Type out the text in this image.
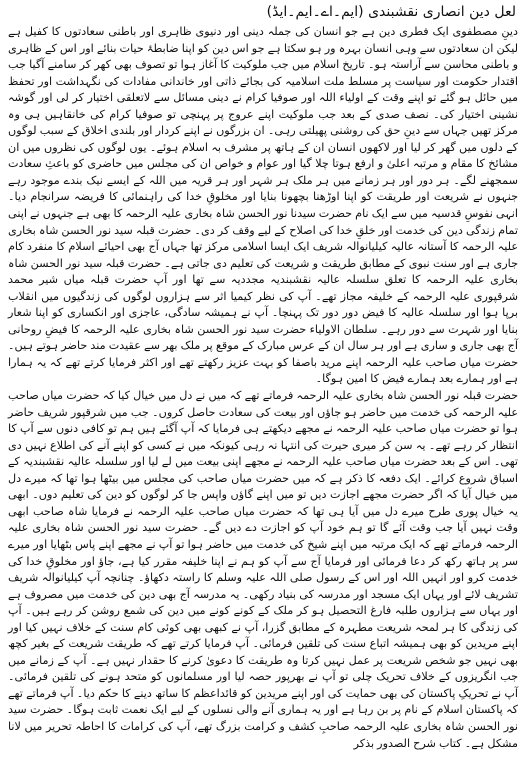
لعل دین انصاری نقشبندی (ایم۔اے۔ایم۔ایڈ)

دینِ مصطفوی ایک فطری دین ہے جو انسان کی جملہ دینی اور دنیوی ظاہری اور باطنی سعادتوں کا کفیل ہے لیکن ان سعادتوں سے وہی انسان بہرہ ور ہو سکتا ہے جو اس دین کو اپنا ضابطۂ حیات بنائے اور اس کے ظاہری و باطنی محاسن سے آراستہ ہو۔ تاریخ اسلام میں جب ملوکیت کا آغاز ہوا تو تصوف بھی کھر کر سامنے آگیا جب اقتدار حکومت اور سیاست پر مسلط ملت اسلامیہ کی بجائے ذاتی اور خاندانی مفادات کی نگہداشت اور تحفظ میں حائل ہو گئے تو اپنے وقت کے اولیاء اللہ اور صوفیا کرام نے دینی مسائل سے لاتعلقی اختیار کر لی اور گوشہ نشینی اختیار کی۔ نصف صدی کے بعد جب ملوکیت اپنے عروج پر پہنچی تو صوفیا کرام کی خانقاہیں ہی وہ مرکز تھیں جہاں سے دینِ حق کی روشنی پھیلتی رہی۔ ان بزرگوں نے اپنے کردار اور بلندی اخلاق کے سبب لوگوں کے دلوں میں گھر کر لیا اور لاکھوں انسان ان کے ہاتھ پر مشرف بہ اسلام ہوئے۔ یوں لوگوں کی نظروں میں ان مشائخ کا مقام و مرتبہ اعلیٰ و ارفع ہوتا چلا گیا اور عوام و خواص ان کی مجلس میں حاضری کو باعثِ سعادت سمجھنے لگے۔ ہر دور اور ہر زمانے میں ہر ملک ہر شہر اور ہر قریہ میں اللہ کے ایسے نیک بندے موجود رہے جنہوں نے شریعت اور طریقت کو اپنا اوڑھنا بچھونا بنایا اور مخلوقِ خدا کی راہنمائی کا فریضہ سرانجام دیا۔ انہی نفوسِ قدسیہ میں سے ایک نام حضرت سیدنا نور الحسن شاہ بخاری علیہ الرحمہ کا بھی ہے جنہوں نے اپنی تمام زندگی دین کی خدمت اور خلقِ خدا کی اصلاح کے لیے وقف کر دی۔ حضرت قبلہ سید نور الحسن شاہ بخاری علیہ الرحمہ کا آستانہ عالیہ کیلیانوالہ شریف ایک ایسا اسلامی مرکز تھا جہاں آج بھی احیائے اسلام کا منفرد کام جاری ہے اور سنت نبوی کے مطابق طریقت و شریعت کی تعلیم دی جاتی ہے۔ حضرت قبلہ سید نور الحسن شاہ بخاری علیہ الرحمہ کا تعلق سلسلہ عالیہ نقشبندیہ مجددیہ سے تھا اور آپ حضرت قبلہ میاں شیر محمد شرقپوری علیہ الرحمہ کے خلیفہ مجاز تھے۔ آپ کی نظر کیمیا اثر سے ہزاروں لوگوں کی زندگیوں میں انقلاب برپا ہوا اور سلسلہ عالیہ کا فیض دور دور تک پہنچا۔ آپ نے ہمیشہ سادگی، عاجزی اور انکساری کو اپنا شعار بنایا اور شہرت سے دور رہے۔ سلطان الاولیاء حضرت سید نور الحسن شاہ بخاری علیہ الرحمہ کا فیضِ روحانی آج بھی جاری و ساری ہے اور ہر سال ان کے عرس مبارک کے موقع پر ملک بھر سے عقیدت مند حاضر ہوتے ہیں۔ حضرت میاں صاحب علیہ الرحمہ اپنے مرید باصفا کو بہت عزیز رکھتے تھے اور اکثر فرمایا کرتے تھے کہ یہ ہمارا ہے اور ہمارے بعد ہمارے فیض کا امین ہوگا۔

حضرت قبلہ نور الحسن شاہ بخاری علیہ الرحمہ فرماتے تھے کہ میں نے دل میں خیال کیا کہ حضرت میاں صاحب علیہ الرحمہ کی خدمت میں حاضر ہو جاؤں اور بیعت کی سعادت حاصل کروں۔ جب میں شرقپور شریف حاضر ہوا تو حضرت میاں صاحب علیہ الرحمہ نے مجھے دیکھتے ہی فرمایا کہ آپ آگئے ہیں ہم تو کافی دنوں سے آپ کا انتظار کر رہے تھے۔ یہ سن کر میری حیرت کی انتہا نہ رہی کیونکہ میں نے کسی کو اپنے آنے کی اطلاع نہیں دی تھی۔ اس کے بعد حضرت میاں صاحب علیہ الرحمہ نے مجھے اپنی بیعت میں لے لیا اور سلسلہ عالیہ نقشبندیہ کے اسباق شروع کرائے۔ ایک دفعہ کا ذکر ہے کہ میں حضرت میاں صاحب کی مجلس میں بیٹھا ہوا تھا کہ میرے دل میں خیال آیا کہ اگر حضرت مجھے اجازت دیں تو میں اپنے گاؤں واپس جا کر لوگوں کو دین کی تعلیم دوں۔ ابھی یہ خیال پوری طرح میرے دل میں آیا ہی تھا کہ حضرت میاں صاحب علیہ الرحمہ نے فرمایا شاہ صاحب ابھی وقت نہیں آیا جب وقت آئے گا تو ہم خود آپ کو اجازت دے دیں گے۔ حضرت سید نور الحسن شاہ بخاری علیہ الرحمہ فرماتے تھے کہ ایک مرتبہ میں اپنے شیخ کی خدمت میں حاضر ہوا تو آپ نے مجھے اپنے پاس بٹھایا اور میرے سر پر ہاتھ رکھ کر دعا فرمائی اور فرمایا آج سے آپ کو ہم نے اپنا خلیفہ مقرر کیا ہے، جاؤ اور مخلوقِ خدا کی خدمت کرو اور انہیں اللہ اور اس کے رسول صلی اللہ علیہ وسلم کا راستہ دکھاؤ۔ چنانچہ آپ کیلیانوالہ شریف تشریف لائے اور یہاں ایک مسجد اور مدرسہ کی بنیاد رکھی۔ یہ مدرسہ آج بھی دین کی خدمت میں مصروف ہے اور یہاں سے ہزاروں طلبہ فارغ التحصیل ہو کر ملک کے کونے کونے میں دین کی شمع روشن کر رہے ہیں۔ آپ کی زندگی کا ہر لمحہ شریعت مطہرہ کے مطابق گزرا، آپ نے کبھی بھی کوئی کام سنت کے خلاف نہیں کیا اور اپنے مریدین کو بھی ہمیشہ اتباع سنت کی تلقین فرمائی۔ آپ فرمایا کرتے تھے کہ طریقت شریعت کے بغیر کچھ بھی نہیں جو شخص شریعت پر عمل نہیں کرتا وہ طریقت کا دعویٰ کرنے کا حقدار نہیں ہے۔ آپ کے زمانے میں جب انگریزوں کے خلاف تحریک چلی تو آپ نے بھرپور حصہ لیا اور مسلمانوں کو متحد ہونے کی تلقین فرمائی۔ آپ نے تحریکِ پاکستان کی بھی حمایت کی اور اپنے مریدین کو قائداعظم کا ساتھ دینے کا حکم دیا۔ آپ فرماتے تھے کہ پاکستان اسلام کے نام پر بن رہا ہے اور یہ ہماری آنے والی نسلوں کے لیے ایک نعمت ثابت ہوگا۔ حضرت سید نور الحسن شاہ بخاری علیہ الرحمہ صاحبِ کشف و کرامت بزرگ تھے، آپ کی کرامات کا احاطہ تحریر میں لانا مشکل ہے۔ کتاب شرح الصدور بذکر
